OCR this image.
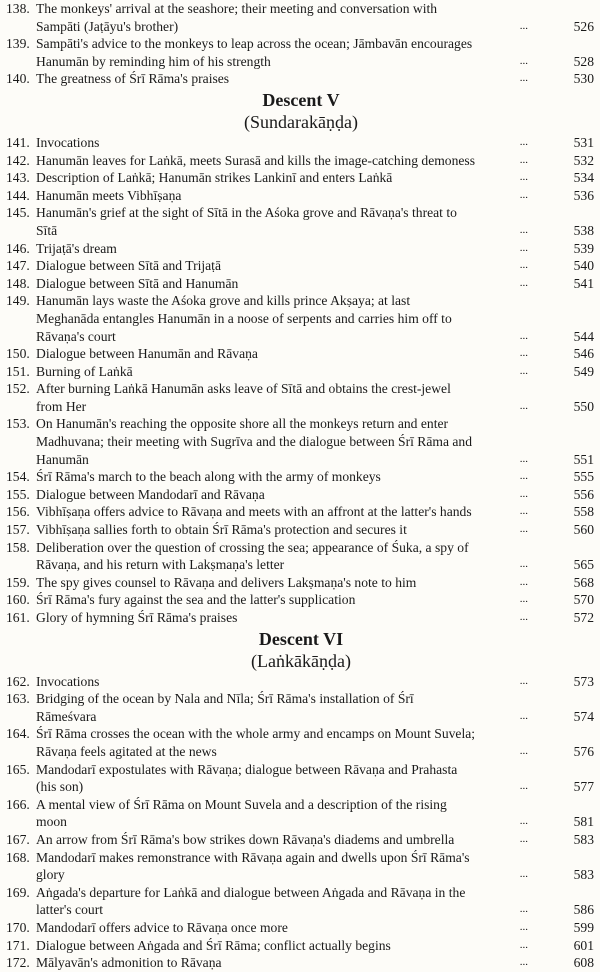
138. The monkeys' arrival at the seashore; their meeting and conversation with Sampāti (Jaṭāyu's brother)	...	526
139. Sampāti's advice to the monkeys to leap across the ocean; Jāmbavān encourages Hanumān by reminding him of his strength	...	528
140. The greatness of Śrī Rāma's praises	...	530
Descent V
(Sundarakāṇḍa)
141. Invocations	...	531
142. Hanumān leaves for Laṅkā, meets Surasā and kills the image-catching demoness	...	532
143. Description of Laṅkā; Hanumān strikes Lankinī and enters Laṅkā	...	534
144. Hanumān meets Vibhīṣaṇa	...	536
145. Hanumān's grief at the sight of Sītā in the Aśoka grove and Rāvaṇa's threat to Sītā	...	538
146. Trijaṭā's dream	...	539
147. Dialogue between Sītā and Trijaṭā	...	540
148. Dialogue between Sītā and Hanumān	...	541
149. Hanumān lays waste the Aśoka grove and kills prince Akṣaya; at last Meghanāda entangles Hanumān in a noose of serpents and carries him off to Rāvaṇa's court	...	544
150. Dialogue between Hanumān and Rāvaṇa	...	546
151. Burning of Laṅkā	...	549
152. After burning Laṅkā Hanumān asks leave of Sītā and obtains the crest-jewel from Her	...	550
153. On Hanumān's reaching the opposite shore all the monkeys return and enter Madhuvana; their meeting with Sugrīva and the dialogue between Śrī Rāma and Hanumān	...	551
154. Śrī Rāma's march to the beach along with the army of monkeys	...	555
155. Dialogue between Mandodarī and Rāvaṇa	...	556
156. Vibhīṣaṇa offers advice to Rāvaṇa and meets with an affront at the latter's hands	...	558
157. Vibhīṣaṇa sallies forth to obtain Śrī Rāma's protection and secures it	...	560
158. Deliberation over the question of crossing the sea; appearance of Śuka, a spy of Rāvaṇa, and his return with Lakṣmaṇa's letter	...	565
159. The spy gives counsel to Rāvaṇa and delivers Lakṣmaṇa's note to him	...	568
160. Śrī Rāma's fury against the sea and the latter's supplication	...	570
161. Glory of hymning Śrī Rāma's praises	...	572
Descent VI
(Laṅkākāṇḍa)
162. Invocations	...	573
163. Bridging of the ocean by Nala and Nīla; Śrī Rāma's installation of Śrī Rāmeśvara	...	574
164. Śrī Rāma crosses the ocean with the whole army and encamps on Mount Suvela; Rāvaṇa feels agitated at the news	...	576
165. Mandodarī expostulates with Rāvaṇa; dialogue between Rāvaṇa and Prahasta (his son)	...	577
166. A mental view of Śrī Rāma on Mount Suvela and a description of the rising moon	...	581
167. An arrow from Śrī Rāma's bow strikes down Rāvaṇa's diadems and umbrella	...	583
168. Mandodarī makes remonstrance with Rāvaṇa again and dwells upon Śrī Rāma's glory	...	583
169. Aṅgada's departure for Laṅkā and dialogue between Aṅgada and Rāvaṇa in the latter's court	...	586
170. Mandodarī offers advice to Rāvaṇa once more	...	599
171. Dialogue between Aṅgada and Śrī Rāma; conflict actually begins	...	601
172. Mālyavān's admonition to Rāvaṇa	...	608
